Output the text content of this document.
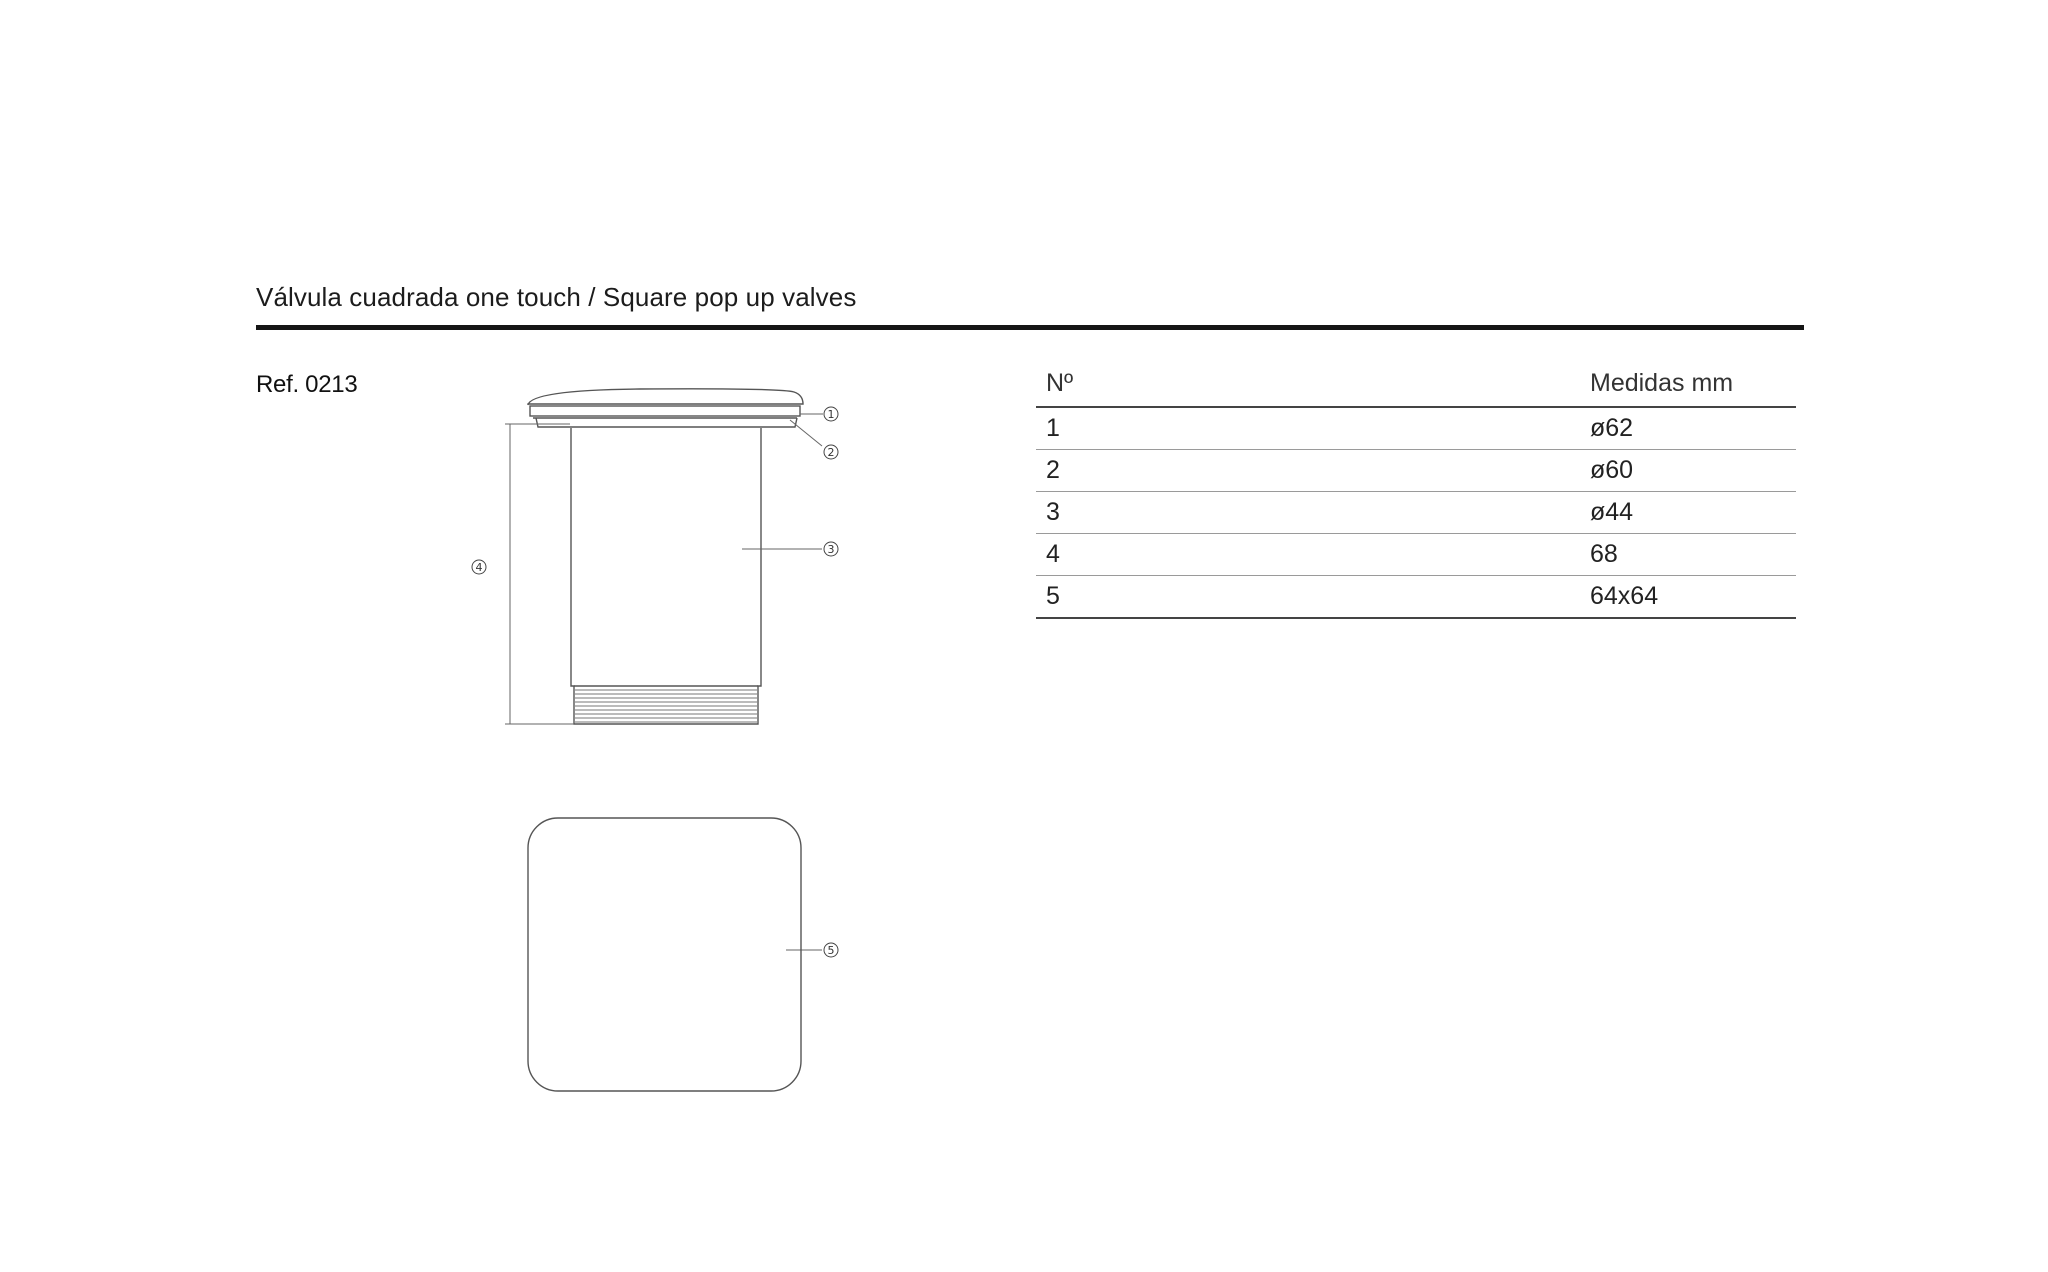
Válvula cuadrada one touch / Square pop up valves
Ref. 0213
1
2
3
4
5
Nº	Medidas mm
1	ø62
2	ø60
3	ø44
4	68
5	64x64
